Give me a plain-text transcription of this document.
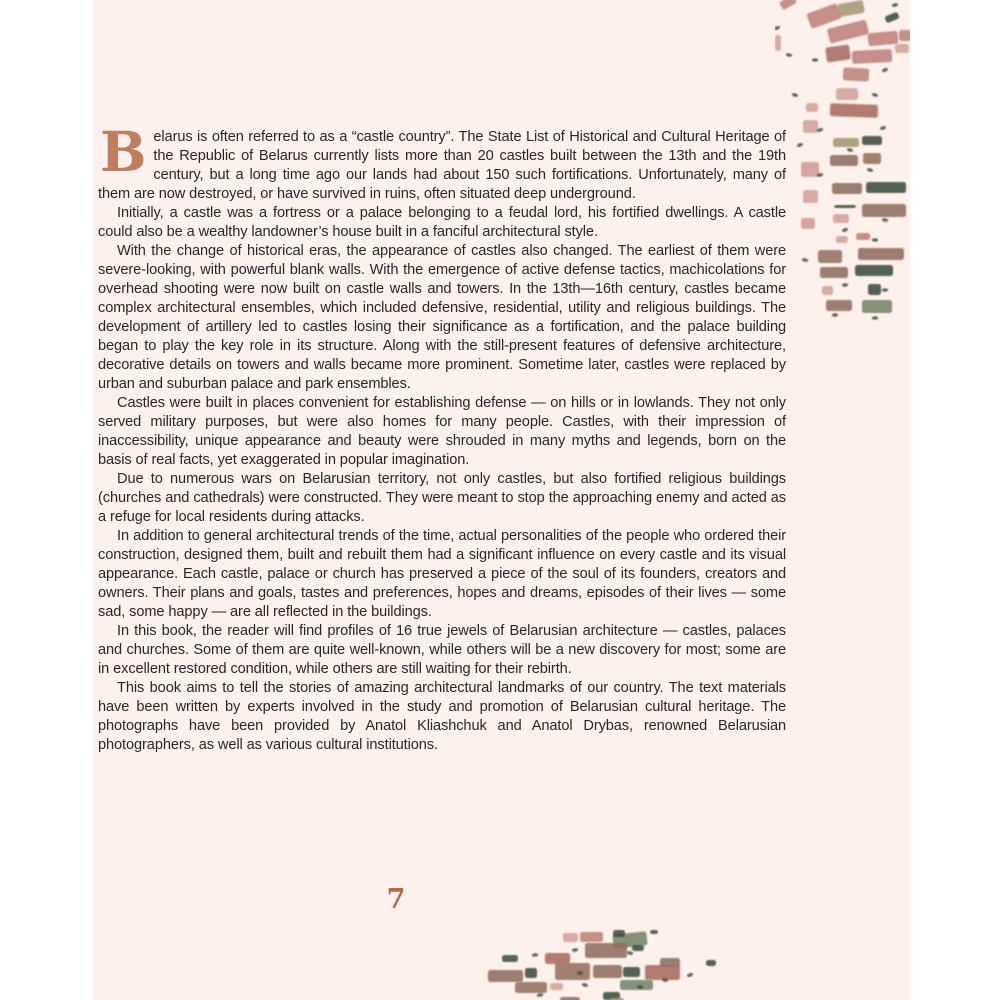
Belarus is often referred to as a “castle country”. The State List of Historical and Cultural Heritage of the Republic of Belarus currently lists more than 20 castles built between the 13th and the 19th century, but a long time ago our lands had about 150 such fortifications. Unfortunately, many of them are now destroyed, or have survived in ruins, often situated deep underground.

Initially, a castle was a fortress or a palace belonging to a feudal lord, his fortified dwellings. A castle could also be a wealthy landowner’s house built in a fanciful architectural style.

With the change of historical eras, the appearance of castles also changed. The earliest of them were severe-looking, with powerful blank walls. With the emergence of active defense tactics, machicolations for overhead shooting were now built on castle walls and towers. In the 13th—16th century, castles became complex architectural ensembles, which included defensive, residential, utility and religious buildings. The development of artillery led to castles losing their significance as a fortification, and the palace building began to play the key role in its structure. Along with the still-present features of defensive architecture, decorative details on towers and walls became more prominent. Sometime later, castles were replaced by urban and suburban palace and park ensembles.

Castles were built in places convenient for establishing defense — on hills or in lowlands. They not only served military purposes, but were also homes for many people. Castles, with their impression of inaccessibility, unique appearance and beauty were shrouded in many myths and legends, born on the basis of real facts, yet exaggerated in popular imagination.

Due to numerous wars on Belarusian territory, not only castles, but also fortified religious buildings (churches and cathedrals) were constructed. They were meant to stop the approaching enemy and acted as a refuge for local residents during attacks.

In addition to general architectural trends of the time, actual personalities of the people who ordered their construction, designed them, built and rebuilt them had a significant influence on every castle and its visual appearance. Each castle, palace or church has preserved a piece of the soul of its founders, creators and owners. Their plans and goals, tastes and preferences, hopes and dreams, episodes of their lives — some sad, some happy — are all reflected in the buildings.

In this book, the reader will find profiles of 16 true jewels of Belarusian architecture — castles, palaces and churches. Some of them are quite well-known, while others will be a new discovery for most; some are in excellent restored condition, while others are still waiting for their rebirth.

This book aims to tell the stories of amazing architectural landmarks of our country. The text materials have been written by experts involved in the study and promotion of Belarusian cultural heritage. The photographs have been provided by Anatol Kliashchuk and Anatol Drybas, renowned Belarusian photographers, as well as various cultural institutions.

7
